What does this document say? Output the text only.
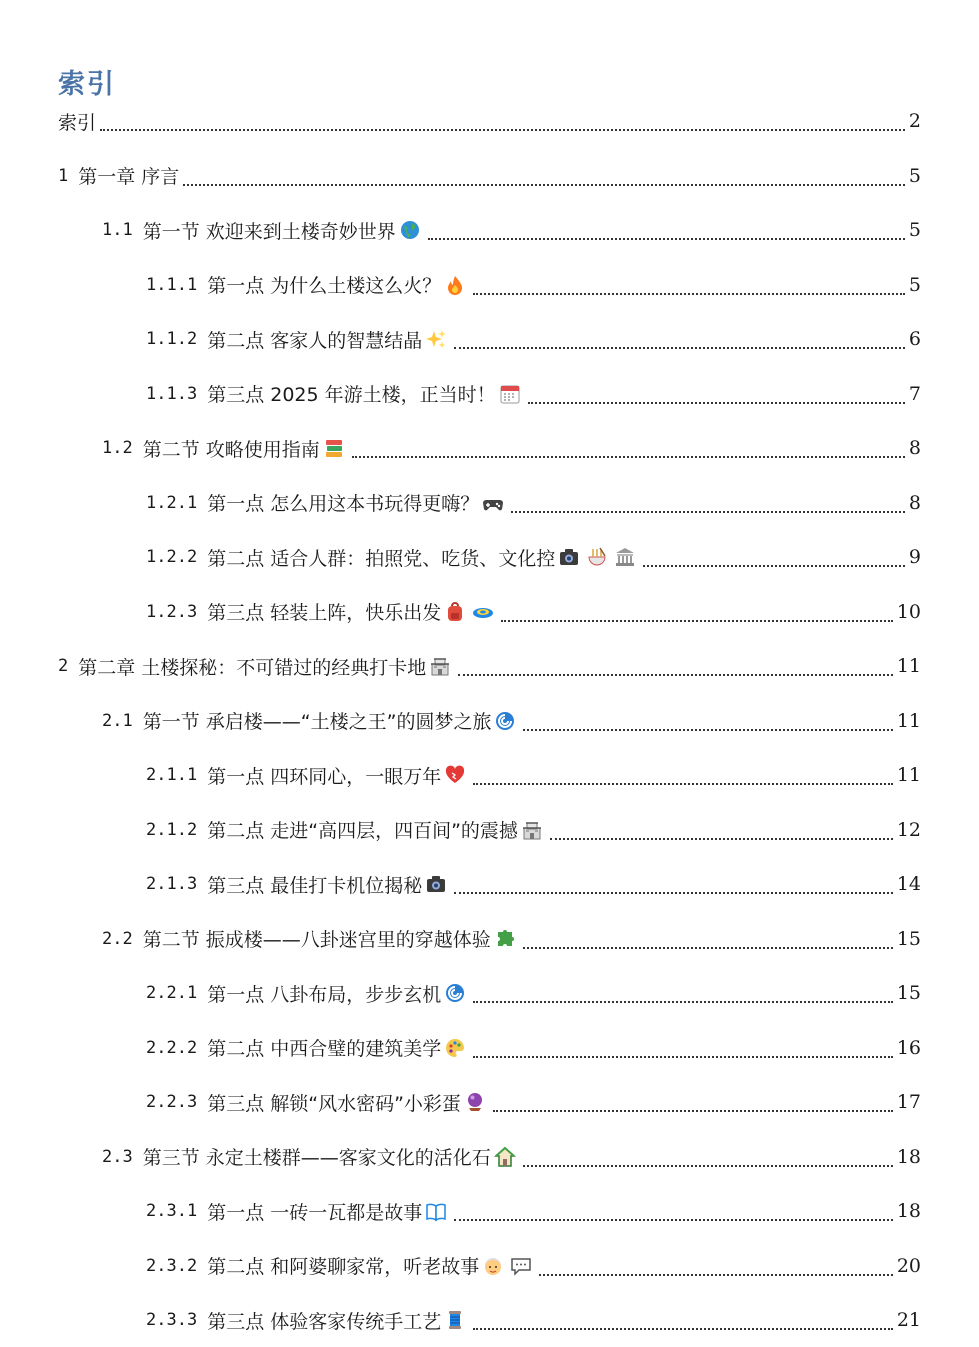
索引
索引	2
1 第一章 序言	5
1.1 第一节 欢迎来到土楼奇妙世界	5
1.1.1 第一点 为什么土楼这么火？	5
1.1.2 第二点 客家人的智慧结晶	6
1.1.3 第三点 2025 年游土楼，正当时！	7
1.2 第二节 攻略使用指南	8
1.2.1 第一点 怎么用这本书玩得更嗨？	8
1.2.2 第二点 适合人群：拍照党、吃货、文化控	9
1.2.3 第三点 轻装上阵，快乐出发	10
2 第二章 土楼探秘：不可错过的经典打卡地	11
2.1 第一节 承启楼——“土楼之王”的圆梦之旅	11
2.1.1 第一点 四环同心，一眼万年	11
2.1.2 第二点 走进“高四层，四百间”的震撼	12
2.1.3 第三点 最佳打卡机位揭秘	14
2.2 第二节 振成楼——八卦迷宫里的穿越体验	15
2.2.1 第一点 八卦布局，步步玄机	15
2.2.2 第二点 中西合璧的建筑美学	16
2.2.3 第三点 解锁“风水密码”小彩蛋	17
2.3 第三节 永定土楼群——客家文化的活化石	18
2.3.1 第一点 一砖一瓦都是故事	18
2.3.2 第二点 和阿婆聊家常，听老故事	20
2.3.3 第三点 体验客家传统手工艺	21
